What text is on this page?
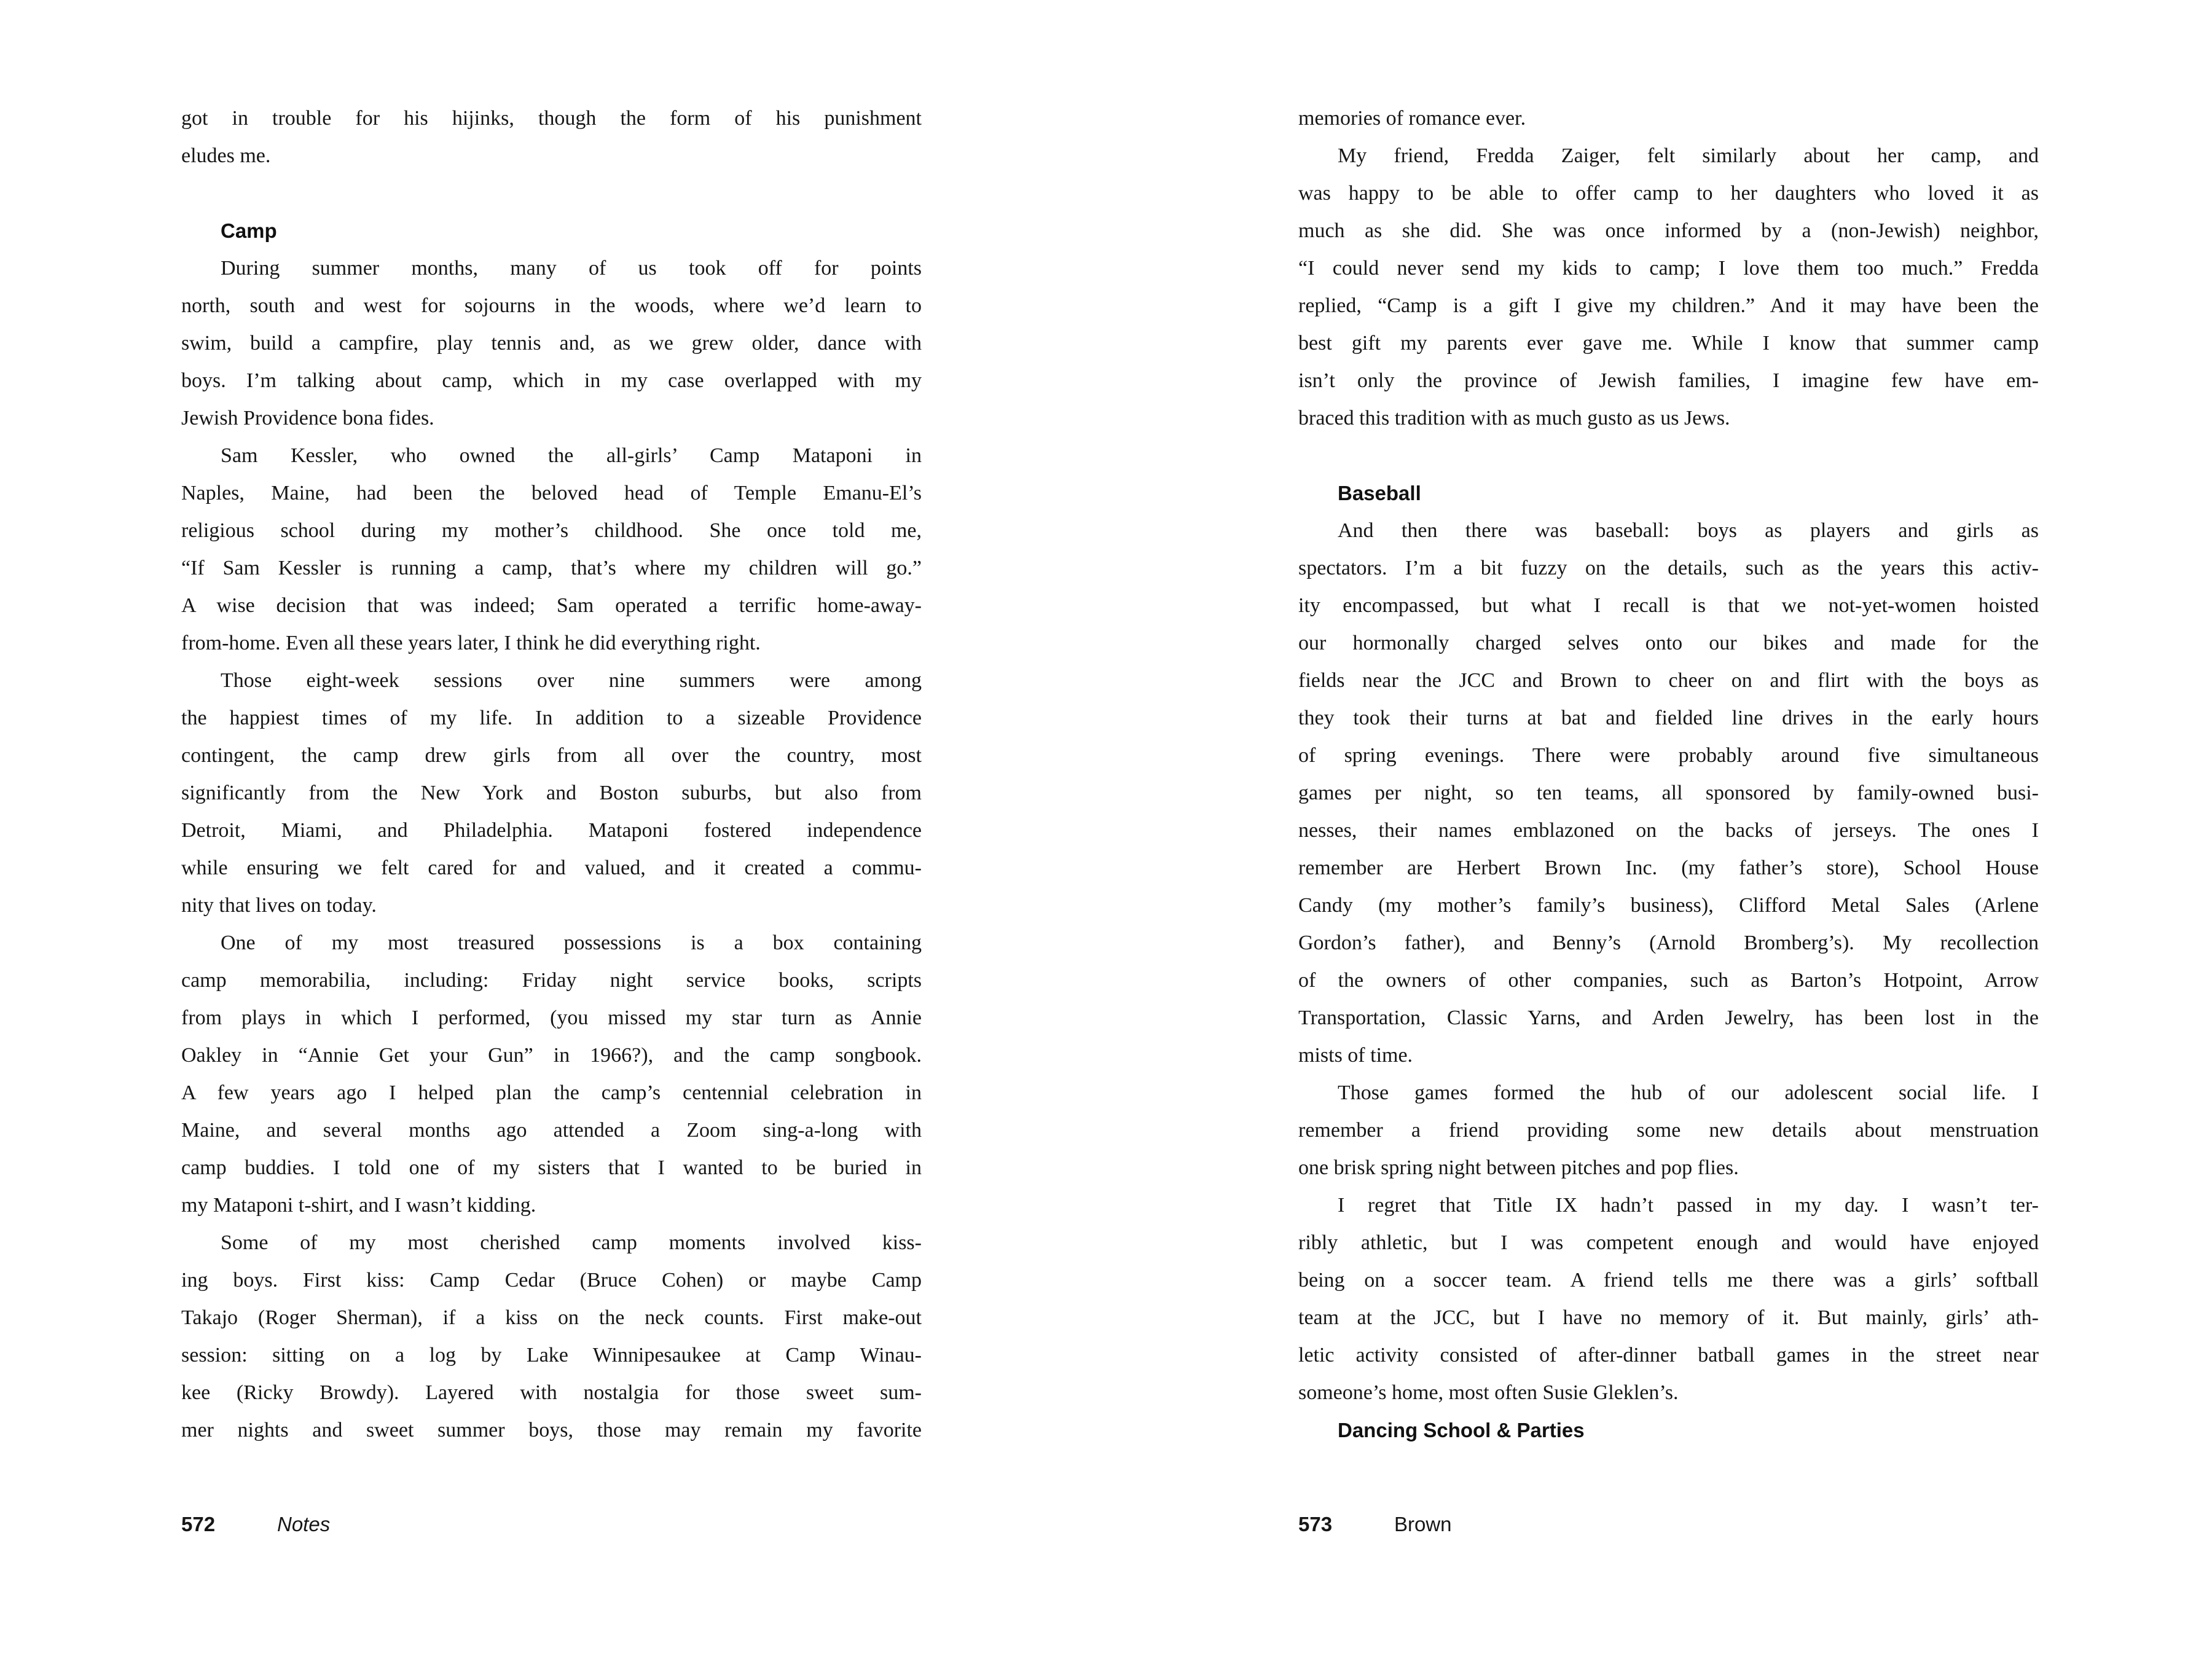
got in trouble for his hijinks, though the form of his punishment
eludes me.
Camp
During summer months, many of us took off for points
north, south and west for sojourns in the woods, where we’d learn to
swim, build a campfire, play tennis and, as we grew older, dance with
boys. I’m talking about camp, which in my case overlapped with my
Jewish Providence bona fides.
Sam Kessler, who owned the all-girls’ Camp Mataponi in
Naples, Maine, had been the beloved head of Temple Emanu-El’s
religious school during my mother’s childhood. She once told me,
“If Sam Kessler is running a camp, that’s where my children will go.”
A wise decision that was indeed; Sam operated a terrific home-away-
from-home. Even all these years later, I think he did everything right.
Those eight-week sessions over nine summers were among
the happiest times of my life. In addition to a sizeable Providence
contingent, the camp drew girls from all over the country, most
significantly from the New York and Boston suburbs, but also from
Detroit, Miami, and Philadelphia. Mataponi fostered independence
while ensuring we felt cared for and valued, and it created a commu-
nity that lives on today.
One of my most treasured possessions is a box containing
camp memorabilia, including: Friday night service books, scripts
from plays in which I performed, (you missed my star turn as Annie
Oakley in “Annie Get your Gun” in 1966?), and the camp songbook.
A few years ago I helped plan the camp’s centennial celebration in
Maine, and several months ago attended a Zoom sing-a-long with
camp buddies. I told one of my sisters that I wanted to be buried in
my Mataponi t-shirt, and I wasn’t kidding.
Some of my most cherished camp moments involved kiss-
ing boys. First kiss: Camp Cedar (Bruce Cohen) or maybe Camp
Takajo (Roger Sherman), if a kiss on the neck counts. First make-out
session: sitting on a log by Lake Winnipesaukee at Camp Winau-
kee (Ricky Browdy). Layered with nostalgia for those sweet sum-
mer nights and sweet summer boys, those may remain my favorite
572	Notes
memories of romance ever.
My friend, Fredda Zaiger, felt similarly about her camp, and
was happy to be able to offer camp to her daughters who loved it as
much as she did. She was once informed by a (non-Jewish) neighbor,
“I could never send my kids to camp; I love them too much.” Fredda
replied, “Camp is a gift I give my children.” And it may have been the
best gift my parents ever gave me. While I know that summer camp
isn’t only the province of Jewish families, I imagine few have em-
braced this tradition with as much gusto as us Jews.
Baseball
And then there was baseball: boys as players and girls as
spectators. I’m a bit fuzzy on the details, such as the years this activ-
ity encompassed, but what I recall is that we not-yet-women hoisted
our hormonally charged selves onto our bikes and made for the
fields near the JCC and Brown to cheer on and flirt with the boys as
they took their turns at bat and fielded line drives in the early hours
of spring evenings. There were probably around five simultaneous
games per night, so ten teams, all sponsored by family-owned busi-
nesses, their names emblazoned on the backs of jerseys. The ones I
remember are Herbert Brown Inc. (my father’s store), School House
Candy (my mother’s family’s business), Clifford Metal Sales (Arlene
Gordon’s father), and Benny’s (Arnold Bromberg’s). My recollection
of the owners of other companies, such as Barton’s Hotpoint, Arrow
Transportation, Classic Yarns, and Arden Jewelry, has been lost in the
mists of time.
Those games formed the hub of our adolescent social life. I
remember a friend providing some new details about menstruation
one brisk spring night between pitches and pop flies.
I regret that Title IX hadn’t passed in my day. I wasn’t ter-
ribly athletic, but I was competent enough and would have enjoyed
being on a soccer team. A friend tells me there was a girls’ softball
team at the JCC, but I have no memory of it. But mainly, girls’ ath-
letic activity consisted of after-dinner batball games in the street near
someone’s home, most often Susie Gleklen’s.
Dancing School & Parties
573	Brown
